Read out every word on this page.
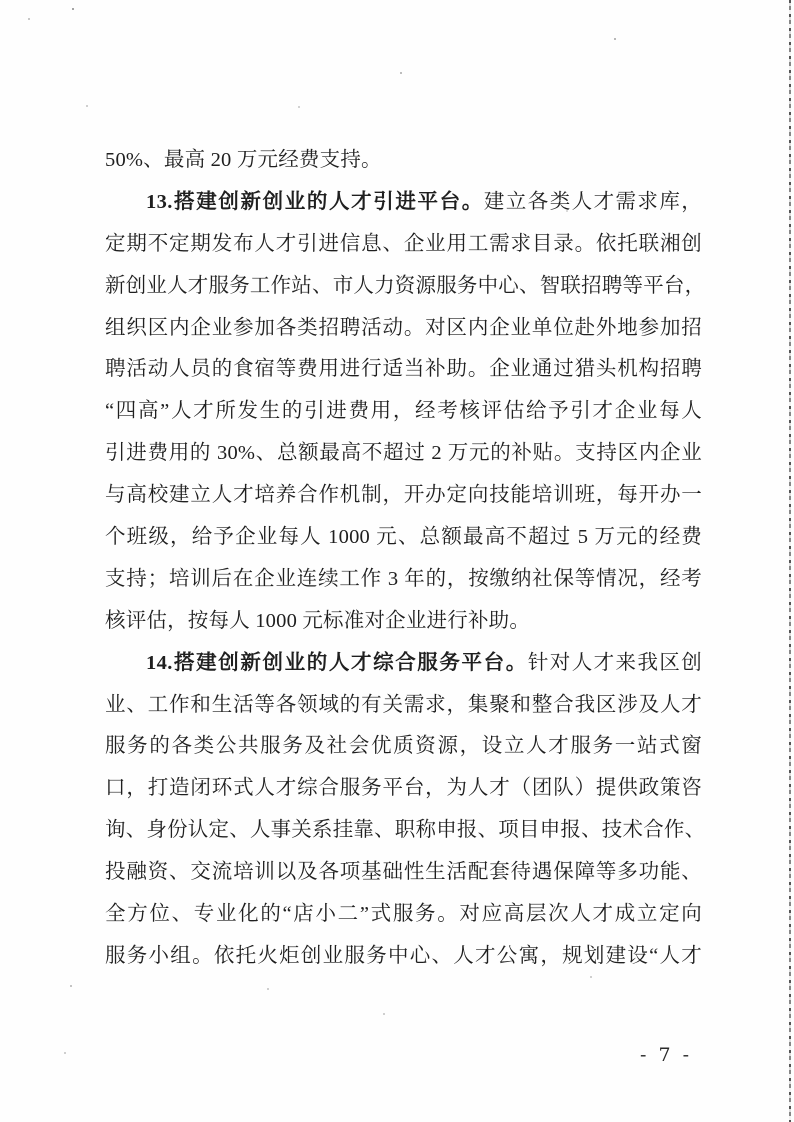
50%、最高 20 万元经费支持。
13.搭建创新创业的人才引进平台。建立各类人才需求库，
定期不定期发布人才引进信息、企业用工需求目录。依托联湘创
新创业人才服务工作站、市人力资源服务中心、智联招聘等平台，
组织区内企业参加各类招聘活动。对区内企业单位赴外地参加招
聘活动人员的食宿等费用进行适当补助。企业通过猎头机构招聘
“四高”人才所发生的引进费用，经考核评估给予引才企业每人
引进费用的 30%、总额最高不超过 2 万元的补贴。支持区内企业
与高校建立人才培养合作机制，开办定向技能培训班，每开办一
个班级，给予企业每人 1000 元、总额最高不超过 5 万元的经费
支持；培训后在企业连续工作 3 年的，按缴纳社保等情况，经考
核评估，按每人 1000 元标准对企业进行补助。
14.搭建创新创业的人才综合服务平台。针对人才来我区创
业、工作和生活等各领域的有关需求，集聚和整合我区涉及人才
服务的各类公共服务及社会优质资源，设立人才服务一站式窗
口，打造闭环式人才综合服务平台，为人才（团队）提供政策咨
询、身份认定、人事关系挂靠、职称申报、项目申报、技术合作、
投融资、交流培训以及各项基础性生活配套待遇保障等多功能、
全方位、专业化的“店小二”式服务。对应高层次人才成立定向
服务小组。依托火炬创业服务中心、人才公寓，规划建设“人才
- 7 -
